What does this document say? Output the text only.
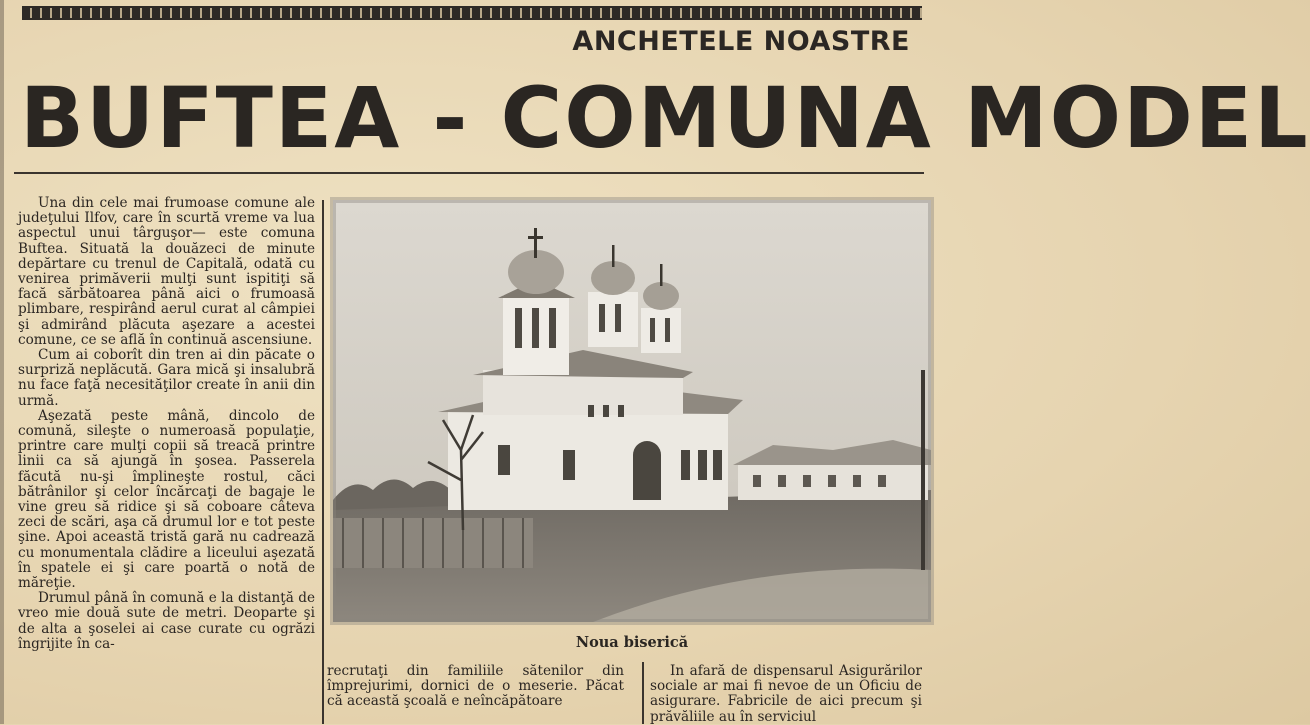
ANCHETELE NOASTRE
BUFTEA - COMUNA MODEL

Una din cele mai frumoase comune ale judeţului Ilfov, care în scurtă vreme va lua aspectul unui târguşor— este comuna Buftea. Situată la douăzeci de minute depărtare cu trenul de Capitală, odată cu venirea primăverii mulţi sunt ispitiţi să facă sărbătoarea până aici o frumoasă plimbare, respirând aerul curat al câmpiei şi admirând plăcuta aşezare a acestei comune, ce se află în continuă ascensiune.

Cum ai coborît din tren ai din păcate o surpriză neplăcută. Gara mică şi insalubră nu face faţă necesităţilor create în anii din urmă.

Aşezată peste mână, dincolo de comună, sileşte o numeroasă populaţie, printre care mulţi copii să treacă printre linii ca să ajungă în şosea. Passerela făcută nu-şi împlineşte rostul, căci bătrânilor şi celor încărcaţi de bagaje le vine greu să ridice şi să coboare câteva zeci de scări, aşa că drumul lor e tot peste şine. Apoi această tristă gară nu cadrează cu monumentala clădire a liceului aşezată în spatele ei şi care poartă o notă de măreţie.

Drumul până în comună e la distanţă de vreo mie două sute de metri. Deoparte şi de alta a şoselei ai case curate cu ogrăzi îngrijite în ca-	Noua biserică

recrutaţi din familiile sătenilor din împrejurimi, dornici de o meserie. Păcat că această şcoală e neîncăpătoare

In afară de dispensarul Asigurărilor sociale ar mai fi nevoe de un Oficiu de asigurare. Fabricile de aici precum şi prăvăliile au în serviciul
